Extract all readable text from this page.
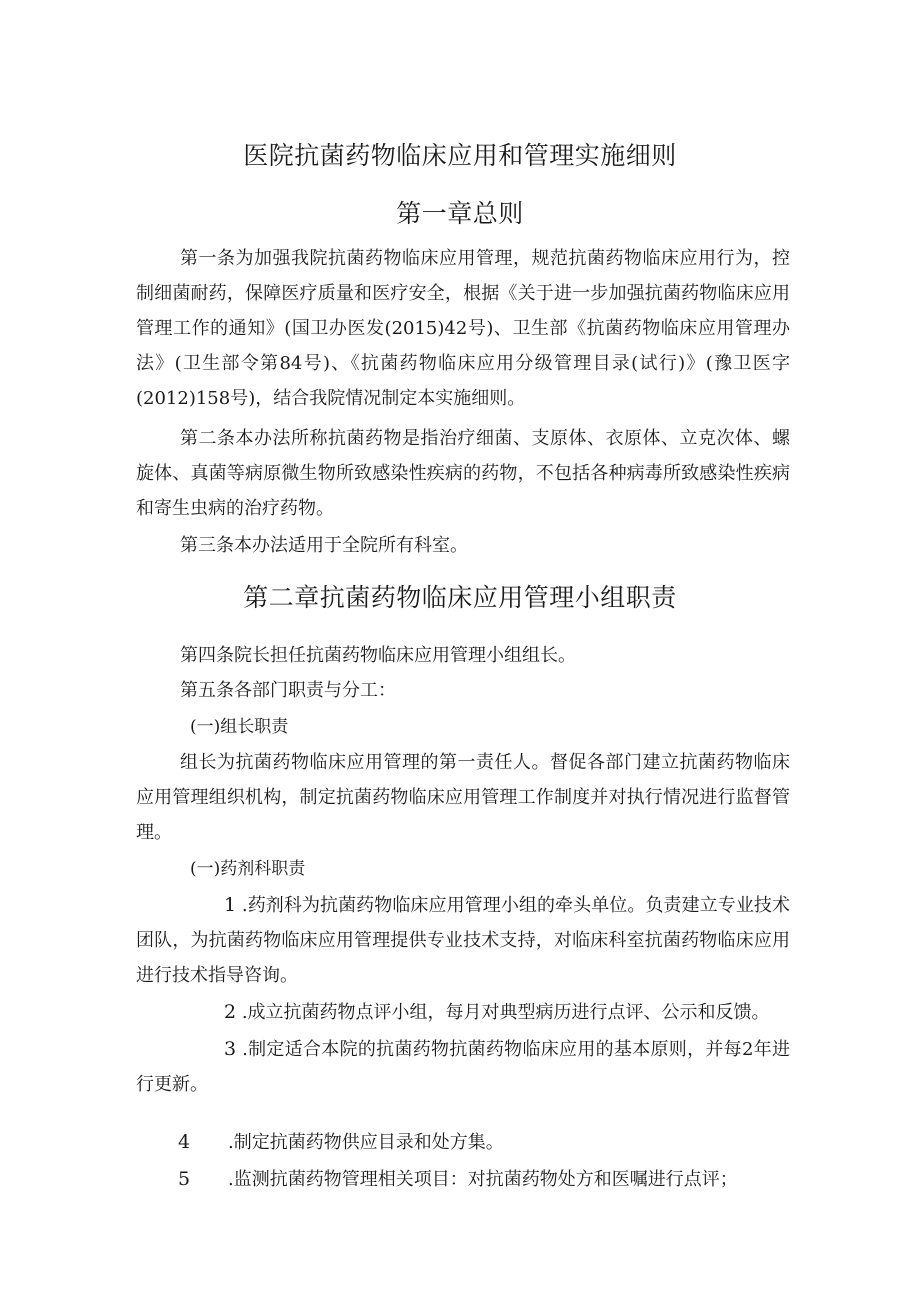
医院抗菌药物临床应用和管理实施细则
第一章总则

第一条为加强我院抗菌药物临床应用管理，规范抗菌药物临床应用行为，控制细菌耐药，保障医疗质量和医疗安全，根据《关于进一步加强抗菌药物临床应用管理工作的通知》(国卫办医发(2015)42号)、卫生部《抗菌药物临床应用管理办法》(卫生部令第84号)、《抗菌药物临床应用分级管理目录(试行)》(豫卫医字(2012)158号)，结合我院情况制定本实施细则。

第二条本办法所称抗菌药物是指治疗细菌、支原体、衣原体、立克次体、螺旋体、真菌等病原微生物所致感染性疾病的药物，不包括各种病毒所致感染性疾病和寄生虫病的治疗药物。

第三条本办法适用于全院所有科室。

第二章抗菌药物临床应用管理小组职责

第四条院长担任抗菌药物临床应用管理小组组长。

第五条各部门职责与分工：

(一)组长职责

组长为抗菌药物临床应用管理的第一责任人。督促各部门建立抗菌药物临床应用管理组织机构，制定抗菌药物临床应用管理工作制度并对执行情况进行监督管理。

(一)药剂科职责

1 .药剂科为抗菌药物临床应用管理小组的牵头单位。负责建立专业技术团队，为抗菌药物临床应用管理提供专业技术支持，对临床科室抗菌药物临床应用进行技术指导咨询。

2 .成立抗菌药物点评小组，每月对典型病历进行点评、公示和反馈。

3 .制定适合本院的抗菌药物抗菌药物临床应用的基本原则，并每2年进行更新。

4 .制定抗菌药物供应目录和处方集。

5 .监测抗菌药物管理相关项目：对抗菌药物处方和医嘱进行点评；
